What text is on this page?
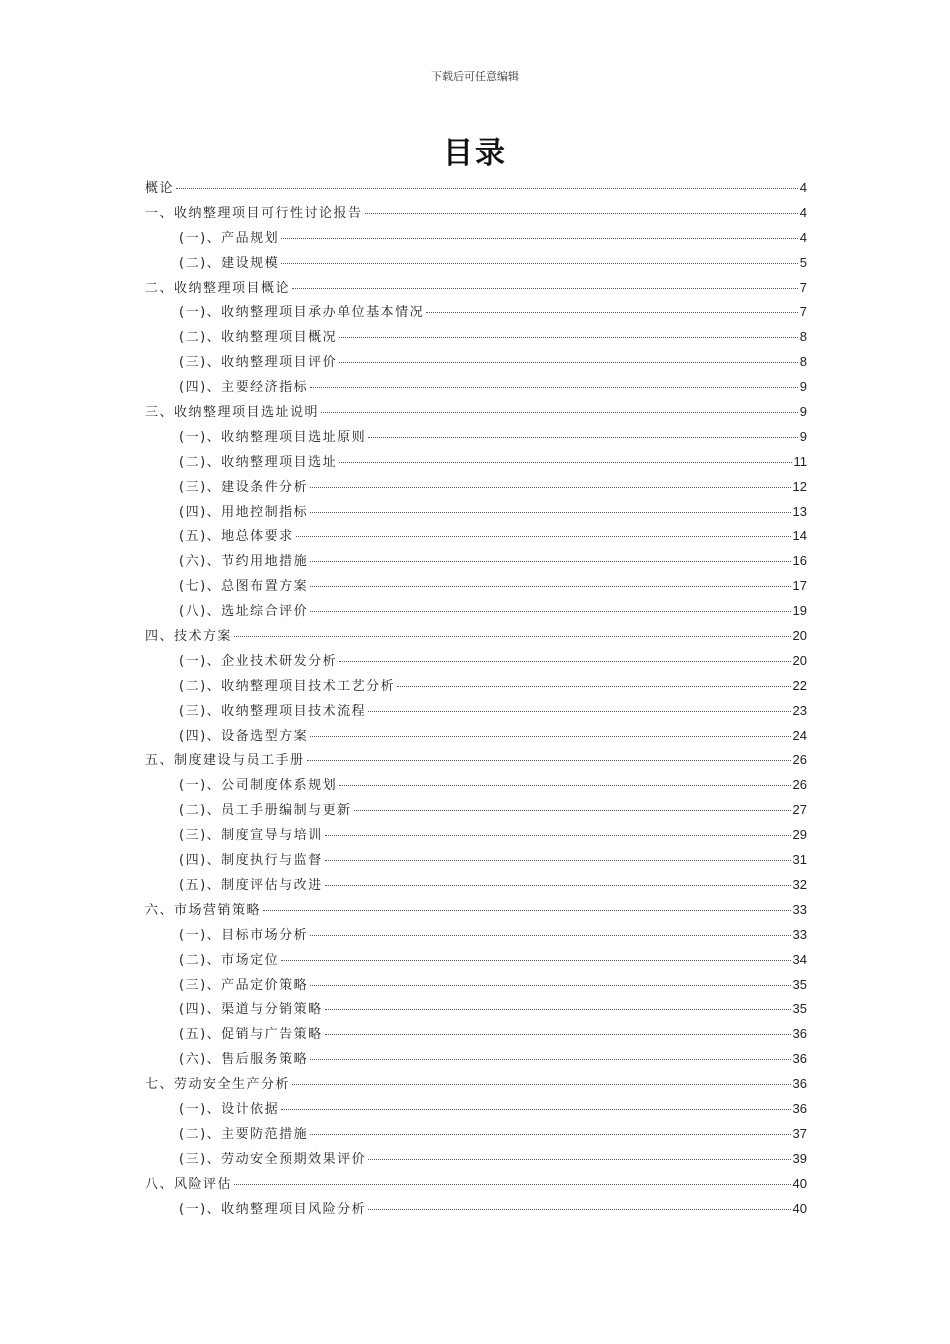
下载后可任意编辑
目录
概论	4
一、收纳整理项目可行性讨论报告	4
(一)、产品规划	4
(二)、建设规模	5
二、收纳整理项目概论	7
(一)、收纳整理项目承办单位基本情况	7
(二)、收纳整理项目概况	8
(三)、收纳整理项目评价	8
(四)、主要经济指标	9
三、收纳整理项目选址说明	9
(一)、收纳整理项目选址原则	9
(二)、收纳整理项目选址	11
(三)、建设条件分析	12
(四)、用地控制指标	13
(五)、地总体要求	14
(六)、节约用地措施	16
(七)、总图布置方案	17
(八)、选址综合评价	19
四、技术方案	20
(一)、企业技术研发分析	20
(二)、收纳整理项目技术工艺分析	22
(三)、收纳整理项目技术流程	23
(四)、设备选型方案	24
五、制度建设与员工手册	26
(一)、公司制度体系规划	26
(二)、员工手册编制与更新	27
(三)、制度宣导与培训	29
(四)、制度执行与监督	31
(五)、制度评估与改进	32
六、市场营销策略	33
(一)、目标市场分析	33
(二)、市场定位	34
(三)、产品定价策略	35
(四)、渠道与分销策略	35
(五)、促销与广告策略	36
(六)、售后服务策略	36
七、劳动安全生产分析	36
(一)、设计依据	36
(二)、主要防范措施	37
(三)、劳动安全预期效果评价	39
八、风险评估	40
(一)、收纳整理项目风险分析	40
